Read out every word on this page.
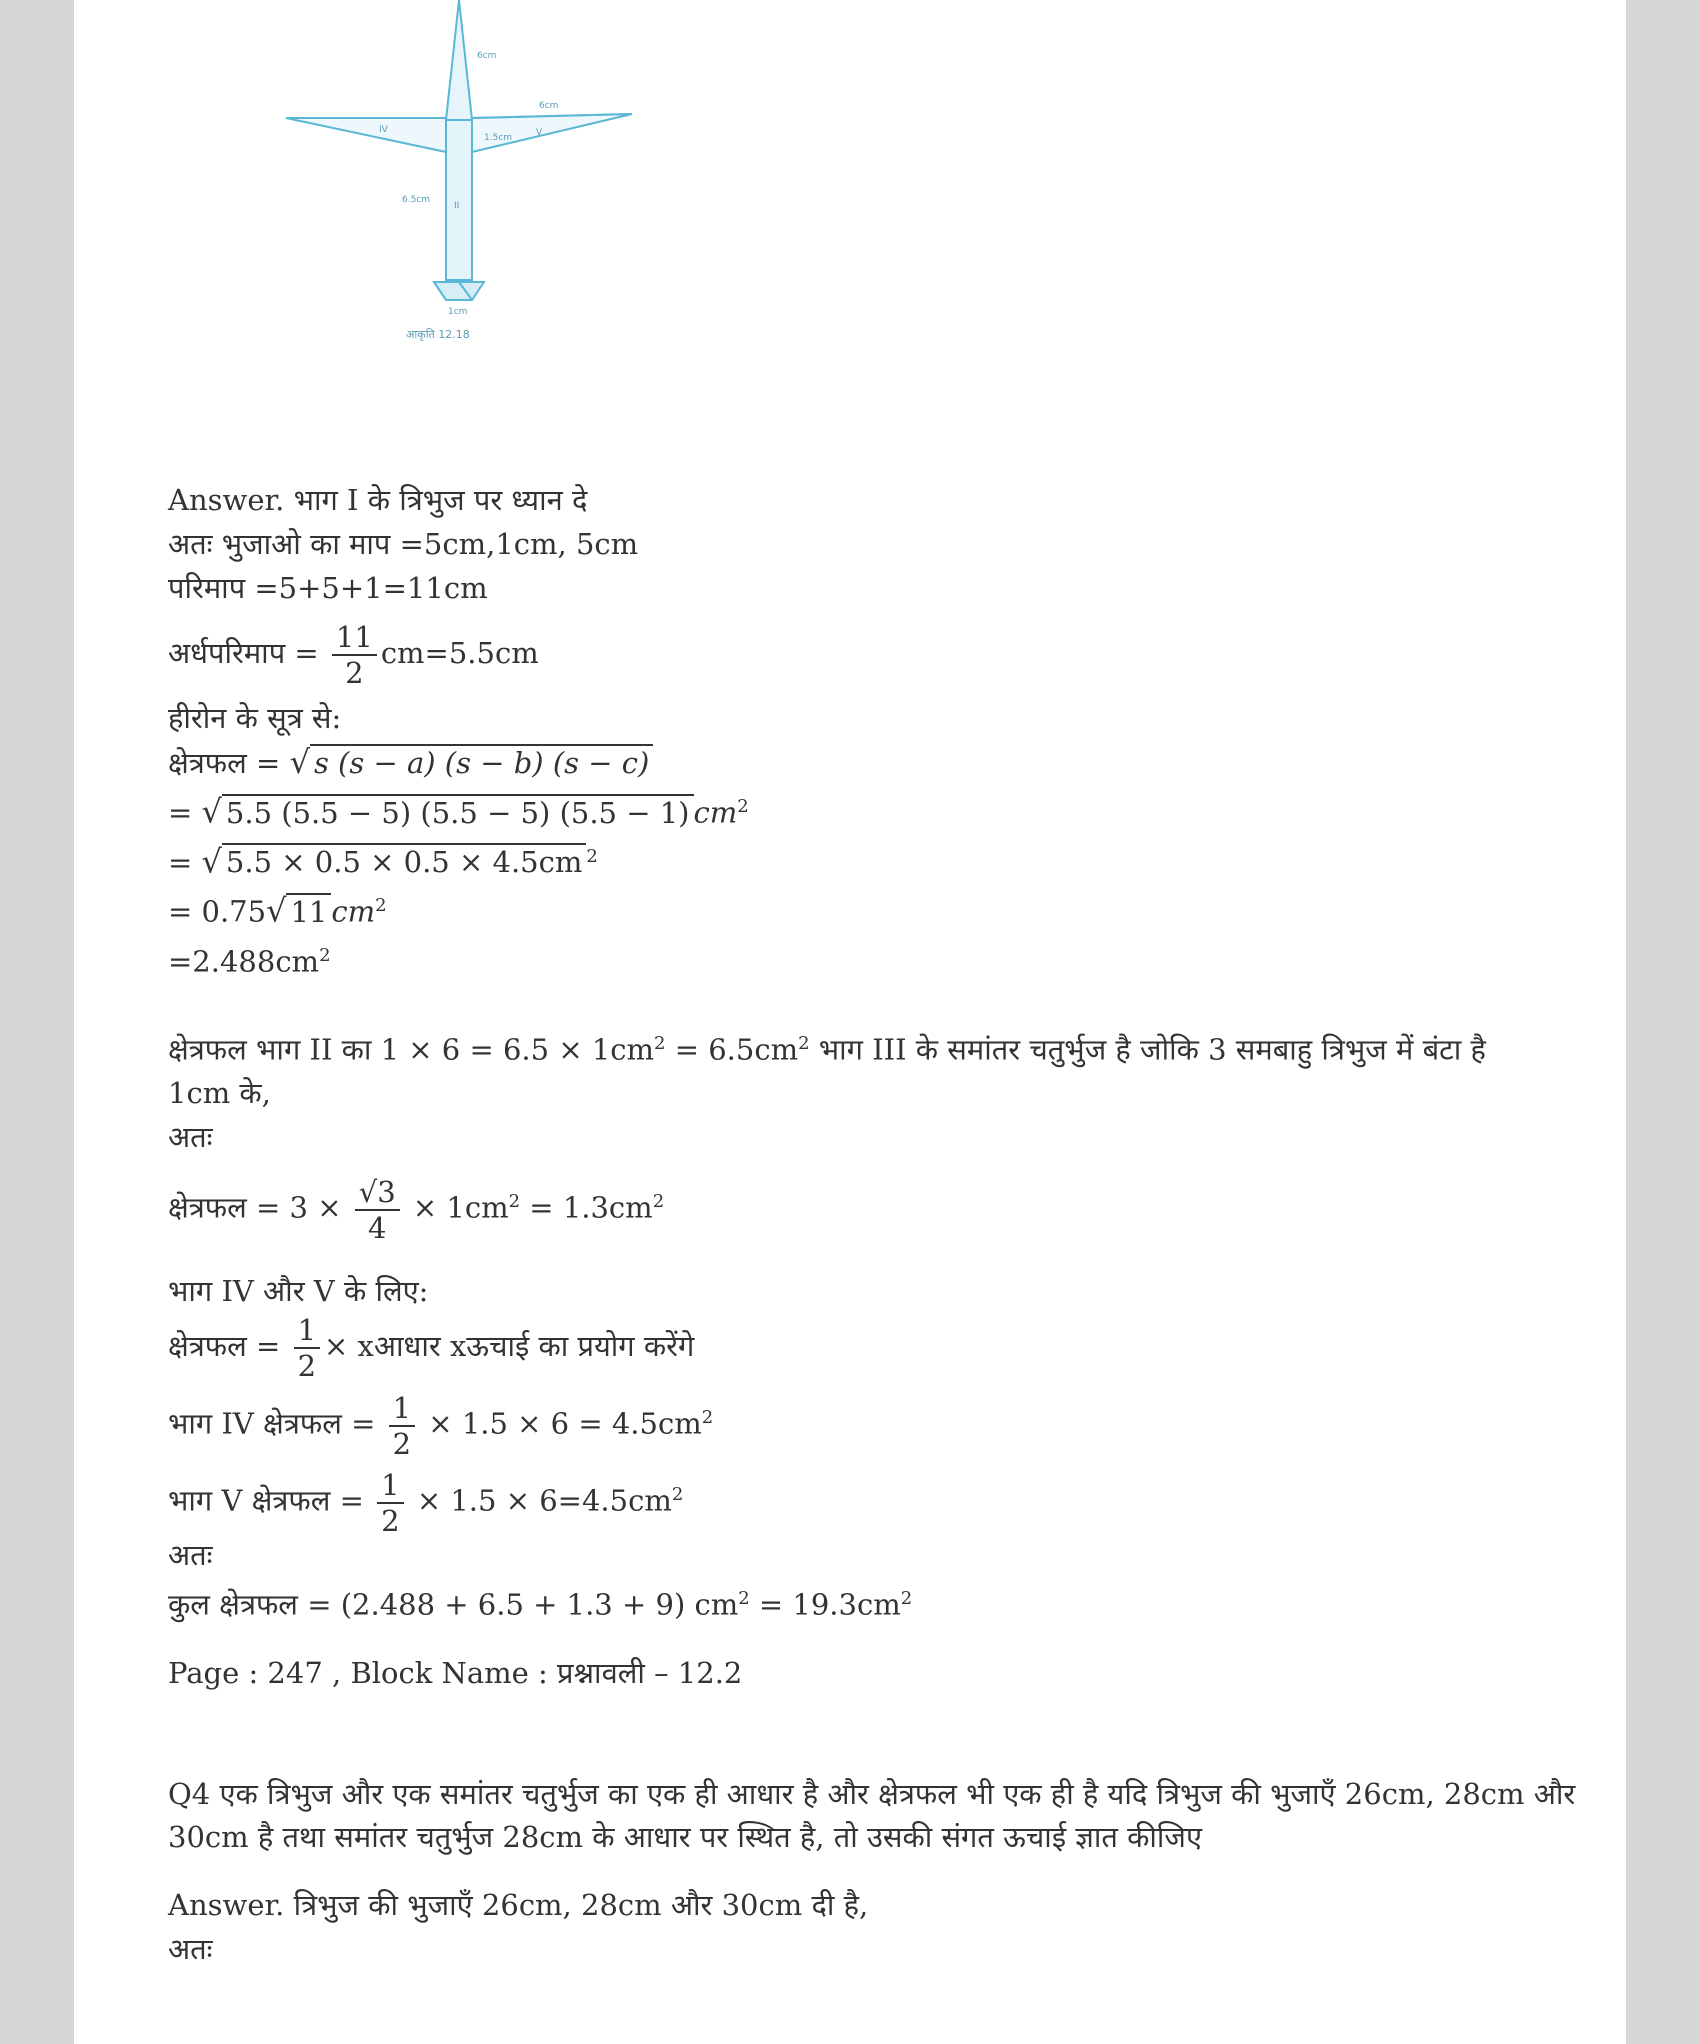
6cm
6cm
IV	V
1.5cm
6.5cm
II
1cm
आकृति 12.18
Answer. भाग I के त्रिभुज पर ध्यान दे
अतः भुजाओ का माप =5cm,1cm, 5cm
परिमाप =5+5+1=11cm
अर्धपरिमाप = $\frac{11}{2} cm=5.5cm$
हीरोन के सूत्र से:
क्षेत्रफल = √ s (s − a) (s − b) (s − c)
= √ 5.5 (5.5 − 5) (5.5 − 5) (5.5 − 1) $cm^2$
= √ 5.5 × 0.5 × 0.5 × 4.5cm $^2$
= 0.75√ 11 $cm^2$
$=2.488cm^2$
क्षेत्रफल भाग II का $1 \times 6 = 6.5 \times 1cm^2 = 6.5cm^2$ भाग III के समांतर चतुर्भुज है जोकि 3 समबाहु त्रिभुज में बंटा है
1cm के,
अतः
क्षेत्रफल = $3 \times \frac{√3}{4} \times 1cm^2 = 1.3cm^2$
भाग IV और V के लिए:
क्षेत्रफल = $\frac{1}{2}$ × xआधार xऊचाई का प्रयोग करेंगे
भाग IV क्षेत्रफल = $\frac{1}{2} \times 1.5 \times 6 = 4.5cm^2$
भाग V क्षेत्रफल = $\frac{1}{2} \times 1.5 \times 6=4.5cm^2$
अतः
कुल क्षेत्रफल = (2.488 + 6.5 + 1.3 + 9) $cm^2 = 19.3cm^2$
Page : 247 , Block Name : प्रश्नावली – 12.2
Q4 एक त्रिभुज और एक समांतर चतुर्भुज का एक ही आधार है और क्षेत्रफल भी एक ही है यदि त्रिभुज की भुजाएँ 26cm, 28cm और 30cm है तथा समांतर चतुर्भुज 28cm के आधार पर स्थित है, तो उसकी संगत ऊचाई ज्ञात कीजिए
Answer. त्रिभुज की भुजाएँ 26cm, 28cm और 30cm दी है,
अतः
